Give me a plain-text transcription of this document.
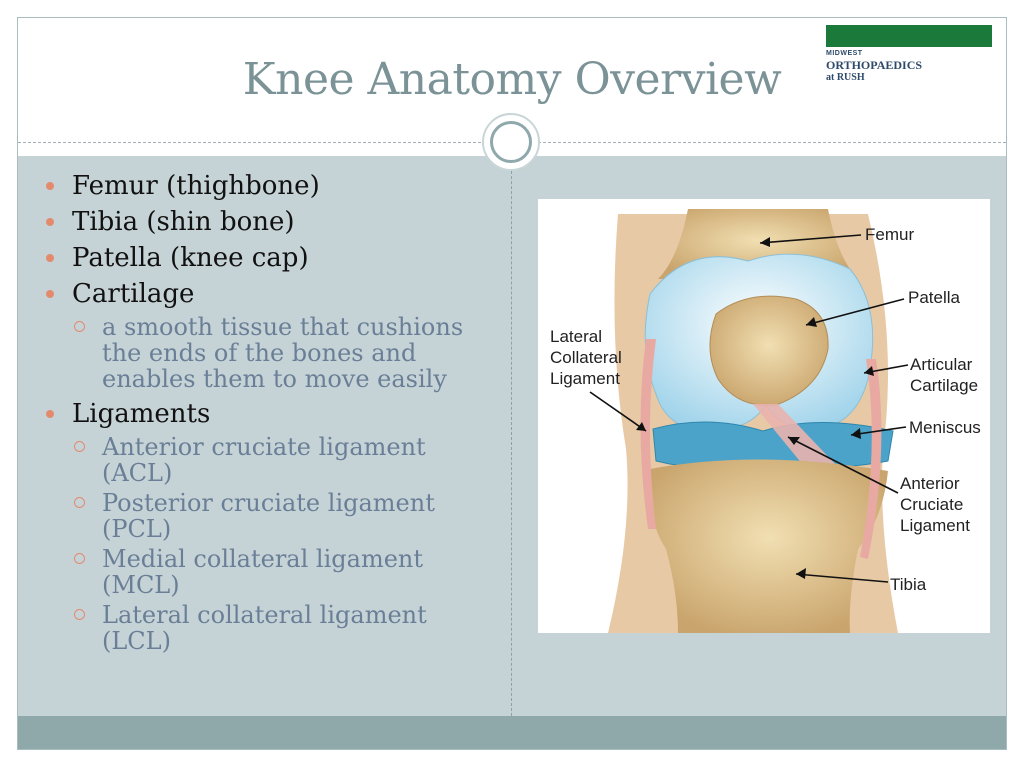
Knee Anatomy Overview
MIDWEST
ORTHOPAEDICS
at RUSH
Femur (thighbone)
Tibia (shin bone)
Patella (knee cap)
Cartilage
a smooth tissue that cushions the ends of the bones and enables them to move easily
Ligaments
Anterior cruciate ligament (ACL)
Posterior cruciate ligament (PCL)
Medial collateral ligament (MCL)
Lateral collateral ligament (LCL)
Femur
Patella
Articular
Cartilage
Meniscus
Anterior
Cruciate
Ligament
Tibia
Lateral
Collateral
Ligament
